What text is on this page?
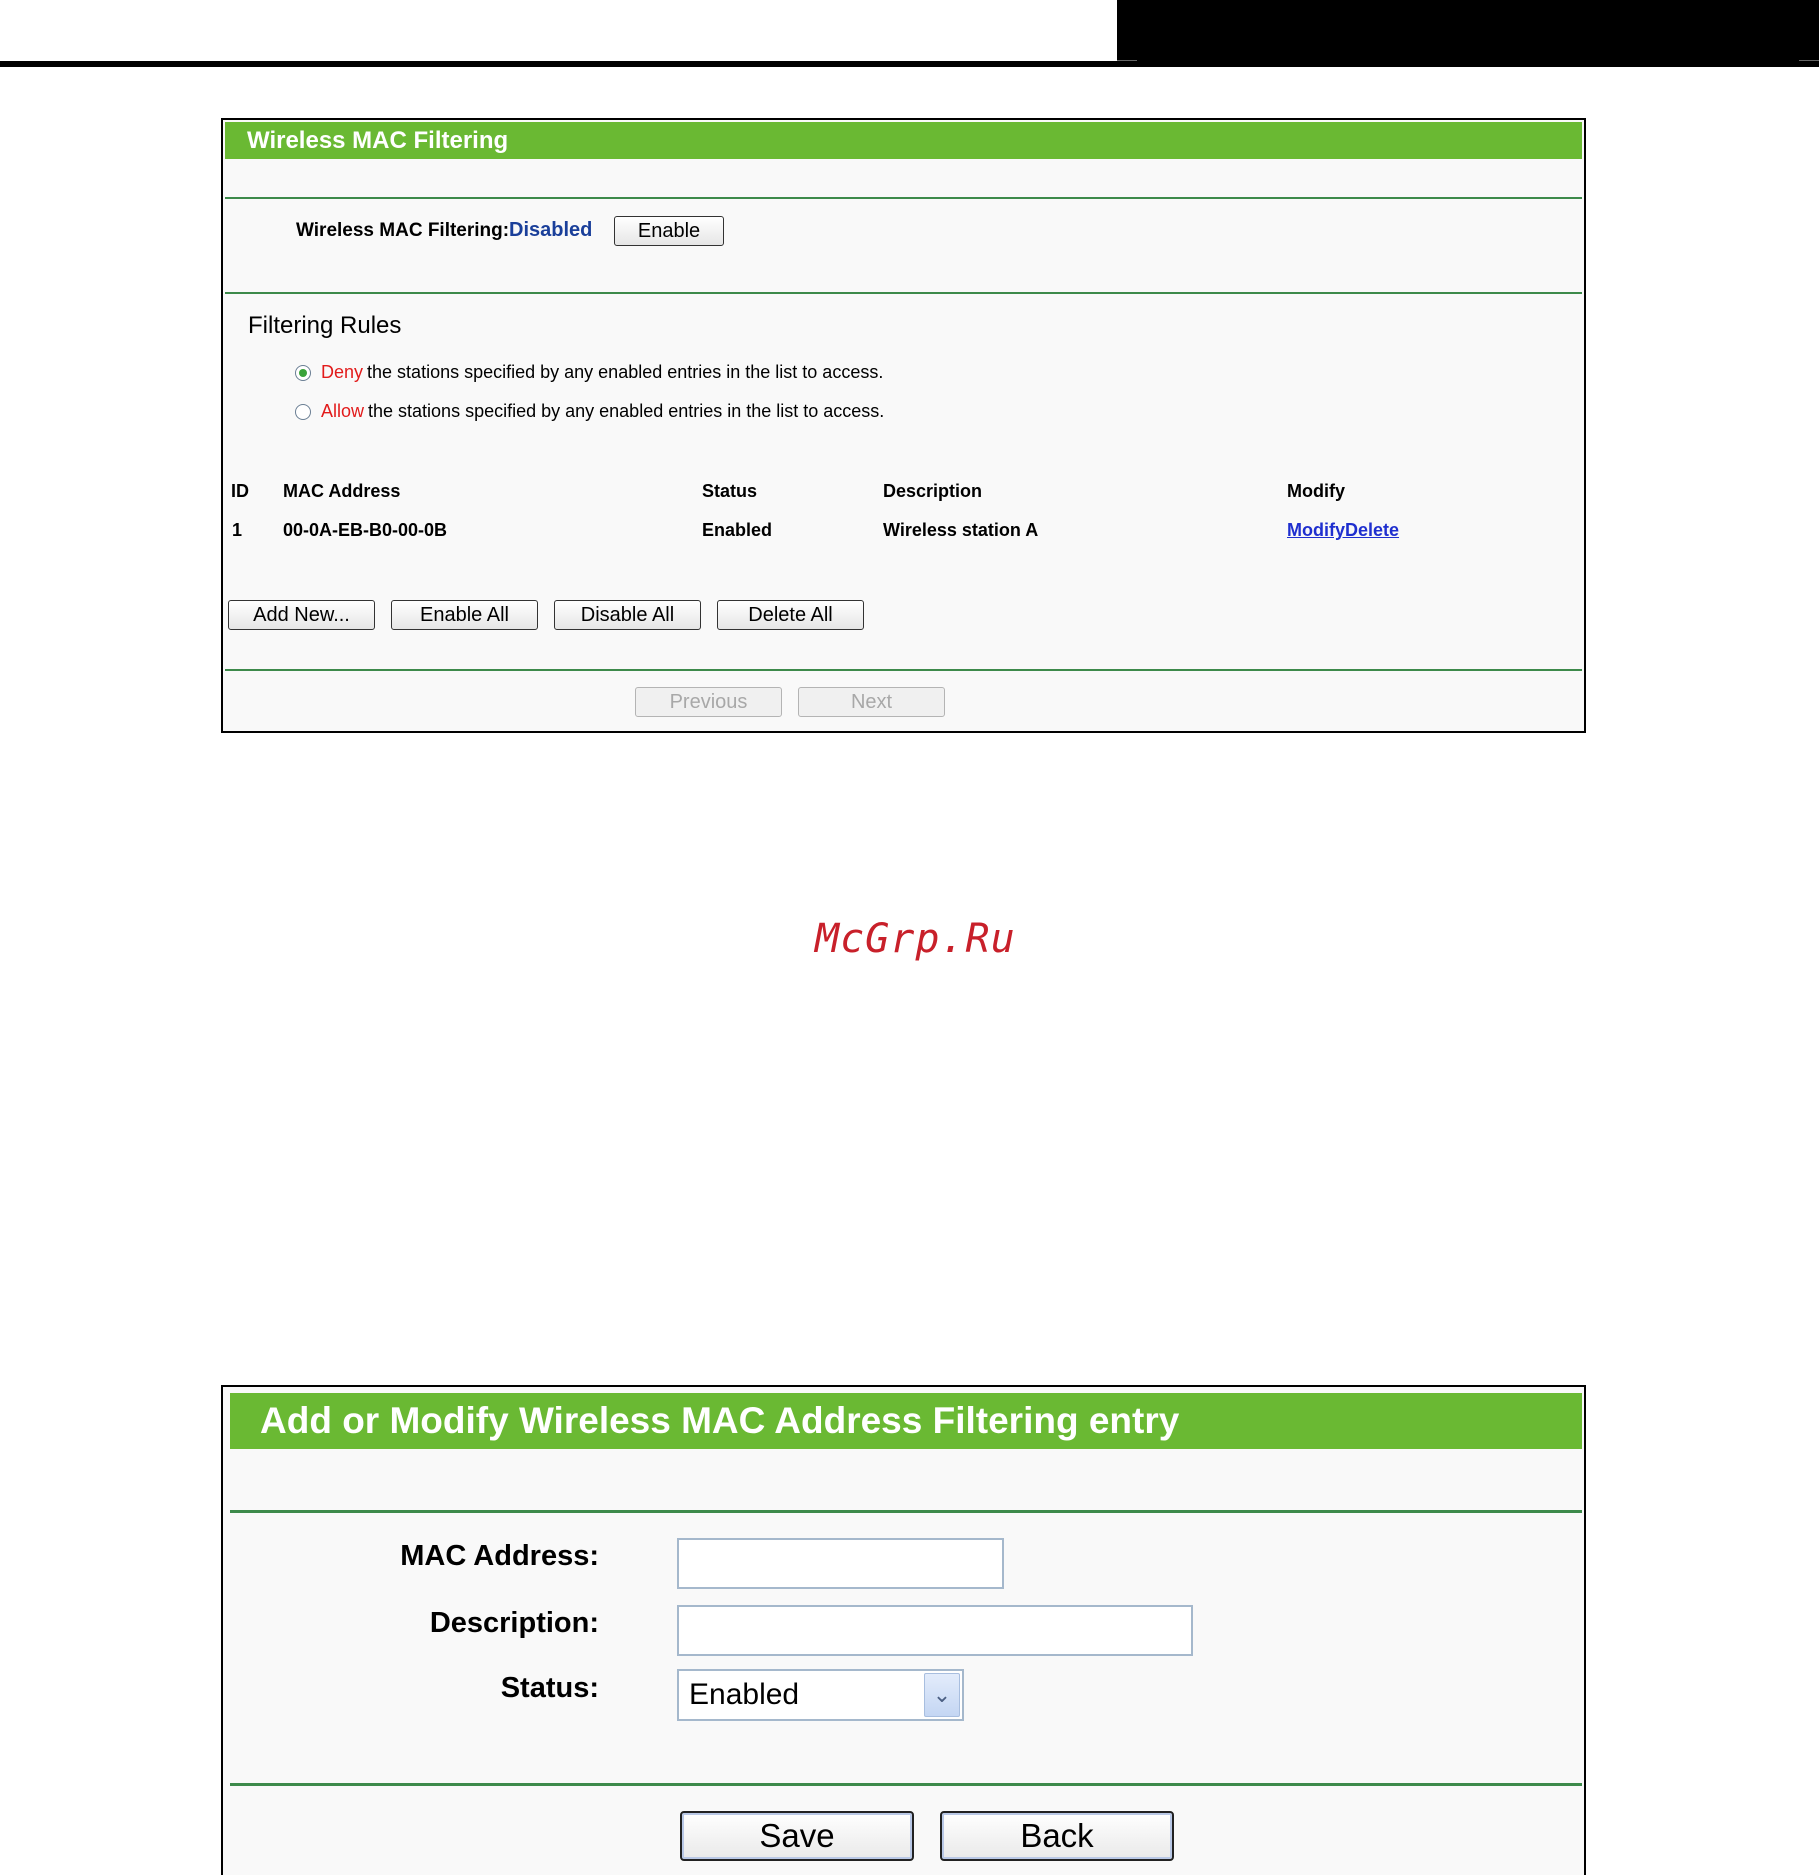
Wireless MAC Filtering
Wireless MAC Filtering: Disabled	Enable
Filtering Rules
Deny the stations specified by any enabled entries in the list to access.
Allow the stations specified by any enabled entries in the list to access.
ID MAC Address	Status	Description	Modify
1 00-0A-EB-B0-00-0B	Enabled	Wireless station A	Modify Delete
Add New...	Enable All	Disable All	Delete All
Previous	Next
McGrp.Ru
Add or Modify Wireless MAC Address Filtering entry
MAC Address:
Description:
Status:	Enabled	⌄
Save	Back
